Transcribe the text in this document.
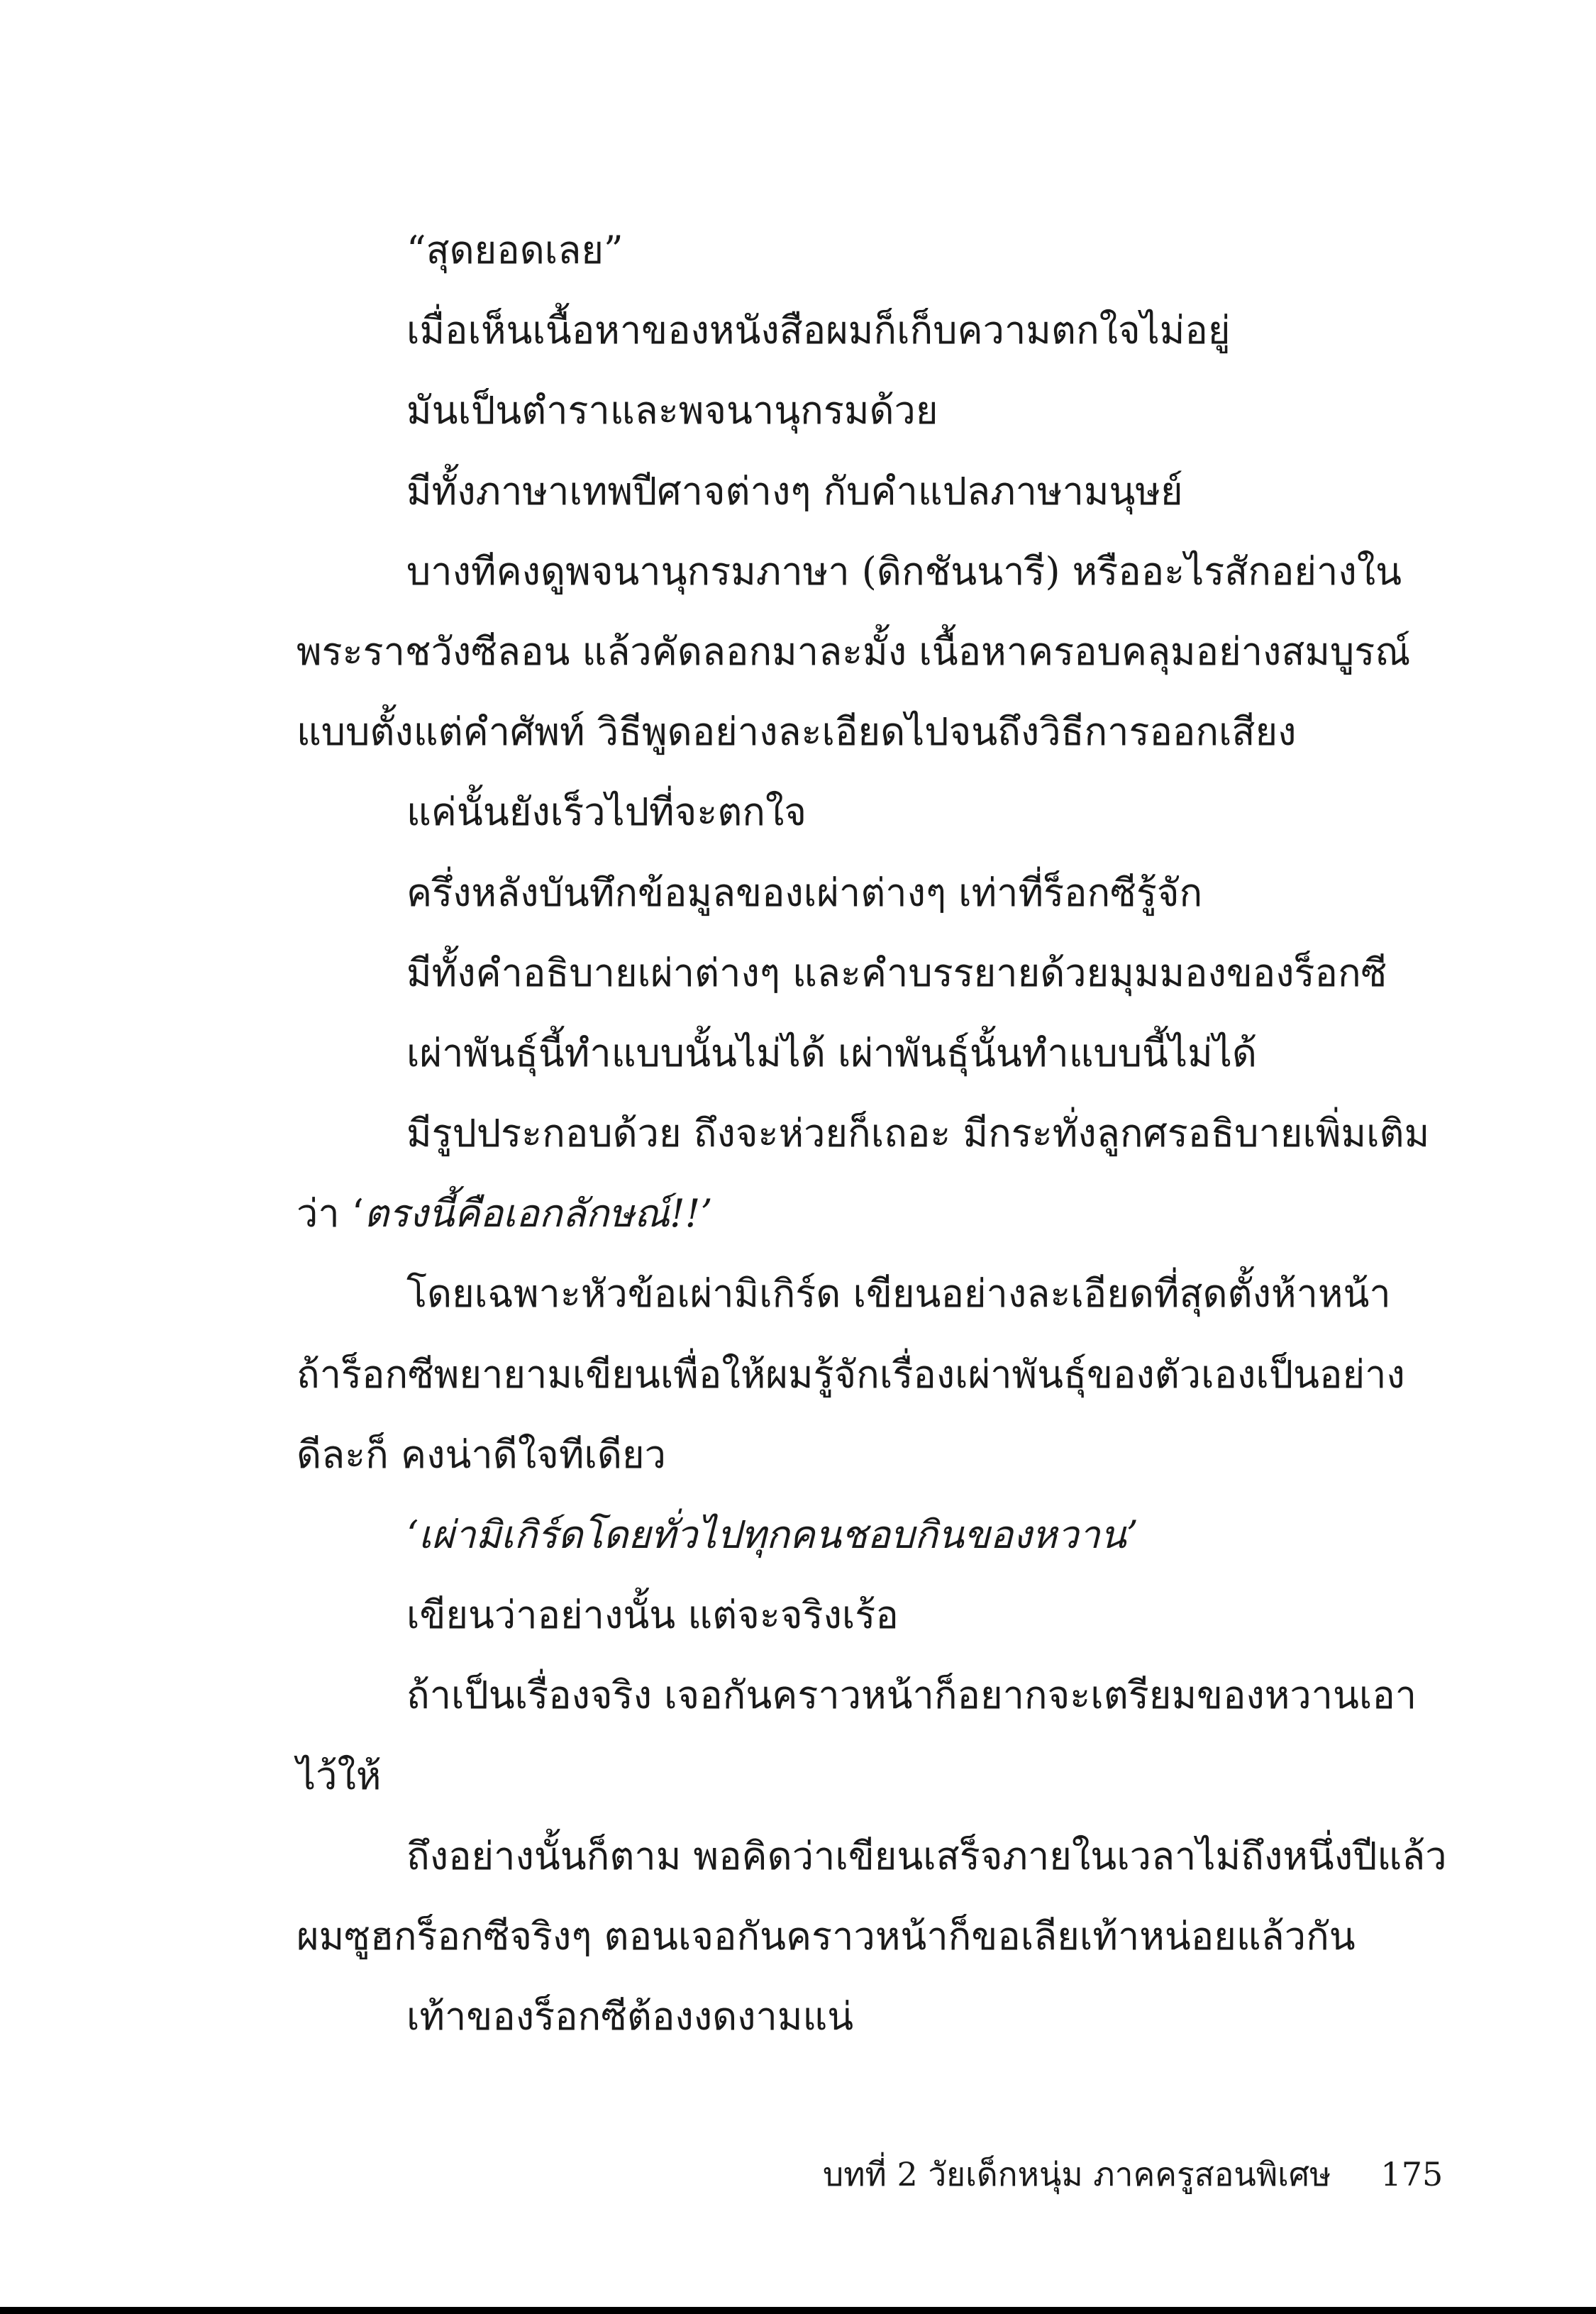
“สุดยอดเลย”
เมื่อเห็นเนื้อหาของหนังสือผมก็เก็บความตกใจไม่อยู่
มันเป็นตำราและพจนานุกรมด้วย
มีทั้งภาษาเทพปีศาจต่างๆ กับคำแปลภาษามนุษย์
บางทีคงดูพจนานุกรมภาษา (ดิกชันนารี) หรืออะไรสักอย่างใน
พระราชวังซีลอน แล้วคัดลอกมาละมั้ง เนื้อหาครอบคลุมอย่างสมบูรณ์
แบบตั้งแต่คำศัพท์ วิธีพูดอย่างละเอียดไปจนถึงวิธีการออกเสียง
แค่นั้นยังเร็วไปที่จะตกใจ
ครึ่งหลังบันทึกข้อมูลของเผ่าต่างๆ เท่าที่ร็อกซีรู้จัก
มีทั้งคำอธิบายเผ่าต่างๆ และคำบรรยายด้วยมุมมองของร็อกซี
เผ่าพันธุ์นี้ทำแบบนั้นไม่ได้ เผ่าพันธุ์นั้นทำแบบนี้ไม่ได้
มีรูปประกอบด้วย ถึงจะห่วยก็เถอะ มีกระทั่งลูกศรอธิบายเพิ่มเติม
ว่า ‘ตรงนี้คือเอกลักษณ์!!’
โดยเฉพาะหัวข้อเผ่ามิเกิร์ด เขียนอย่างละเอียดที่สุดตั้งห้าหน้า
ถ้าร็อกซีพยายามเขียนเพื่อให้ผมรู้จักเรื่องเผ่าพันธุ์ของตัวเองเป็นอย่าง
ดีละก็ คงน่าดีใจทีเดียว
‘เผ่ามิเกิร์ดโดยทั่วไปทุกคนชอบกินของหวาน’
เขียนว่าอย่างนั้น แต่จะจริงเร้อ
ถ้าเป็นเรื่องจริง เจอกันคราวหน้าก็อยากจะเตรียมของหวานเอา
ไว้ให้
ถึงอย่างนั้นก็ตาม พอคิดว่าเขียนเสร็จภายในเวลาไม่ถึงหนึ่งปีแล้ว
ผมซูฮกร็อกซีจริงๆ ตอนเจอกันคราวหน้าก็ขอเลียเท้าหน่อยแล้วกัน
เท้าของร็อกซีต้องงดงามแน่
บทที่ 2 วัยเด็กหนุ่ม ภาคครูสอนพิเศษ 175
